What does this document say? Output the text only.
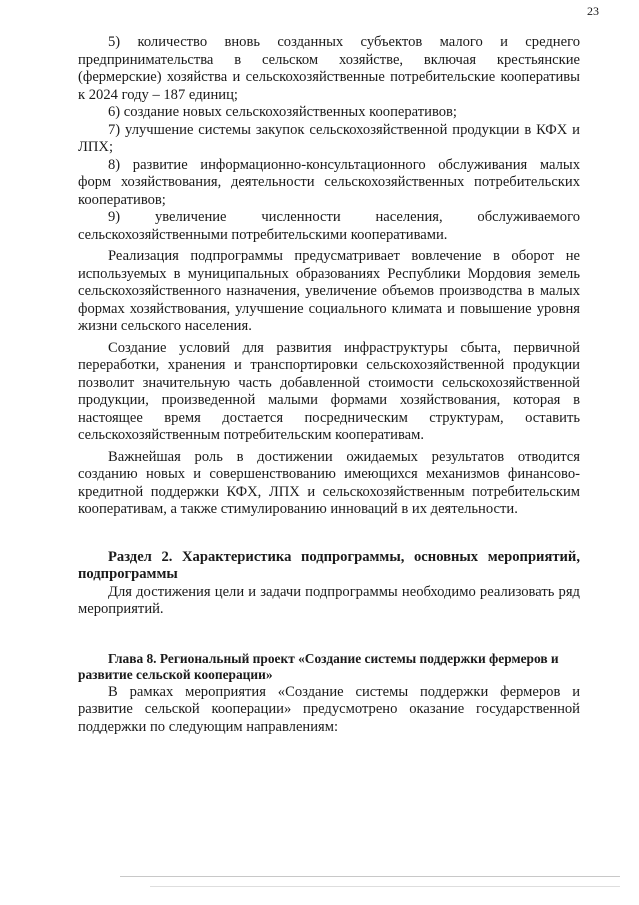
23

5) количество вновь созданных субъектов малого и среднего предпринимательства в сельском хозяйстве, включая крестьянские (фермерские) хозяйства и сельскохозяйственные потребительские кооперативы к 2024 году – 187 единиц;

6) создание новых сельскохозяйственных кооперативов;

7) улучшение системы закупок сельскохозяйственной продукции в КФХ и ЛПХ;

8) развитие информационно-консультационного обслуживания малых форм хозяйствования, деятельности сельскохозяйственных потребительских кооперативов;

9) увеличение численности населения, обслуживаемого сельскохозяйственными потребительскими кооперативами.

Реализация подпрограммы предусматривает вовлечение в оборот не используемых в муниципальных образованиях Республики Мордовия земель сельскохозяйственного назначения, увеличение объемов производства в малых формах хозяйствования, улучшение социального климата и повышение уровня жизни сельского населения.

Создание условий для развития инфраструктуры сбыта, первичной переработки, хранения и транспортировки сельскохозяйственной продукции позволит значительную часть добавленной стоимости сельскохозяйственной продукции, произведенной малыми формами хозяйствования, которая в настоящее время достается посредническим структурам, оставить сельскохозяйственным потребительским кооперативам.

Важнейшая роль в достижении ожидаемых результатов отводится созданию новых и совершенствованию имеющихся механизмов финансово-кредитной поддержки КФХ, ЛПХ и сельскохозяйственным потребительским кооперативам, а также стимулированию инноваций в их деятельности.

Раздел 2. Характеристика подпрограммы, основных мероприятий, подпрограммы

Для достижения цели и задачи подпрограммы необходимо реализовать ряд мероприятий.

Глава 8. Региональный проект «Создание системы поддержки фермеров и развитие сельской кооперации»

В рамках мероприятия «Создание системы поддержки фермеров и развитие сельской кооперации» предусмотрено оказание государственной поддержки по следующим направлениям:
